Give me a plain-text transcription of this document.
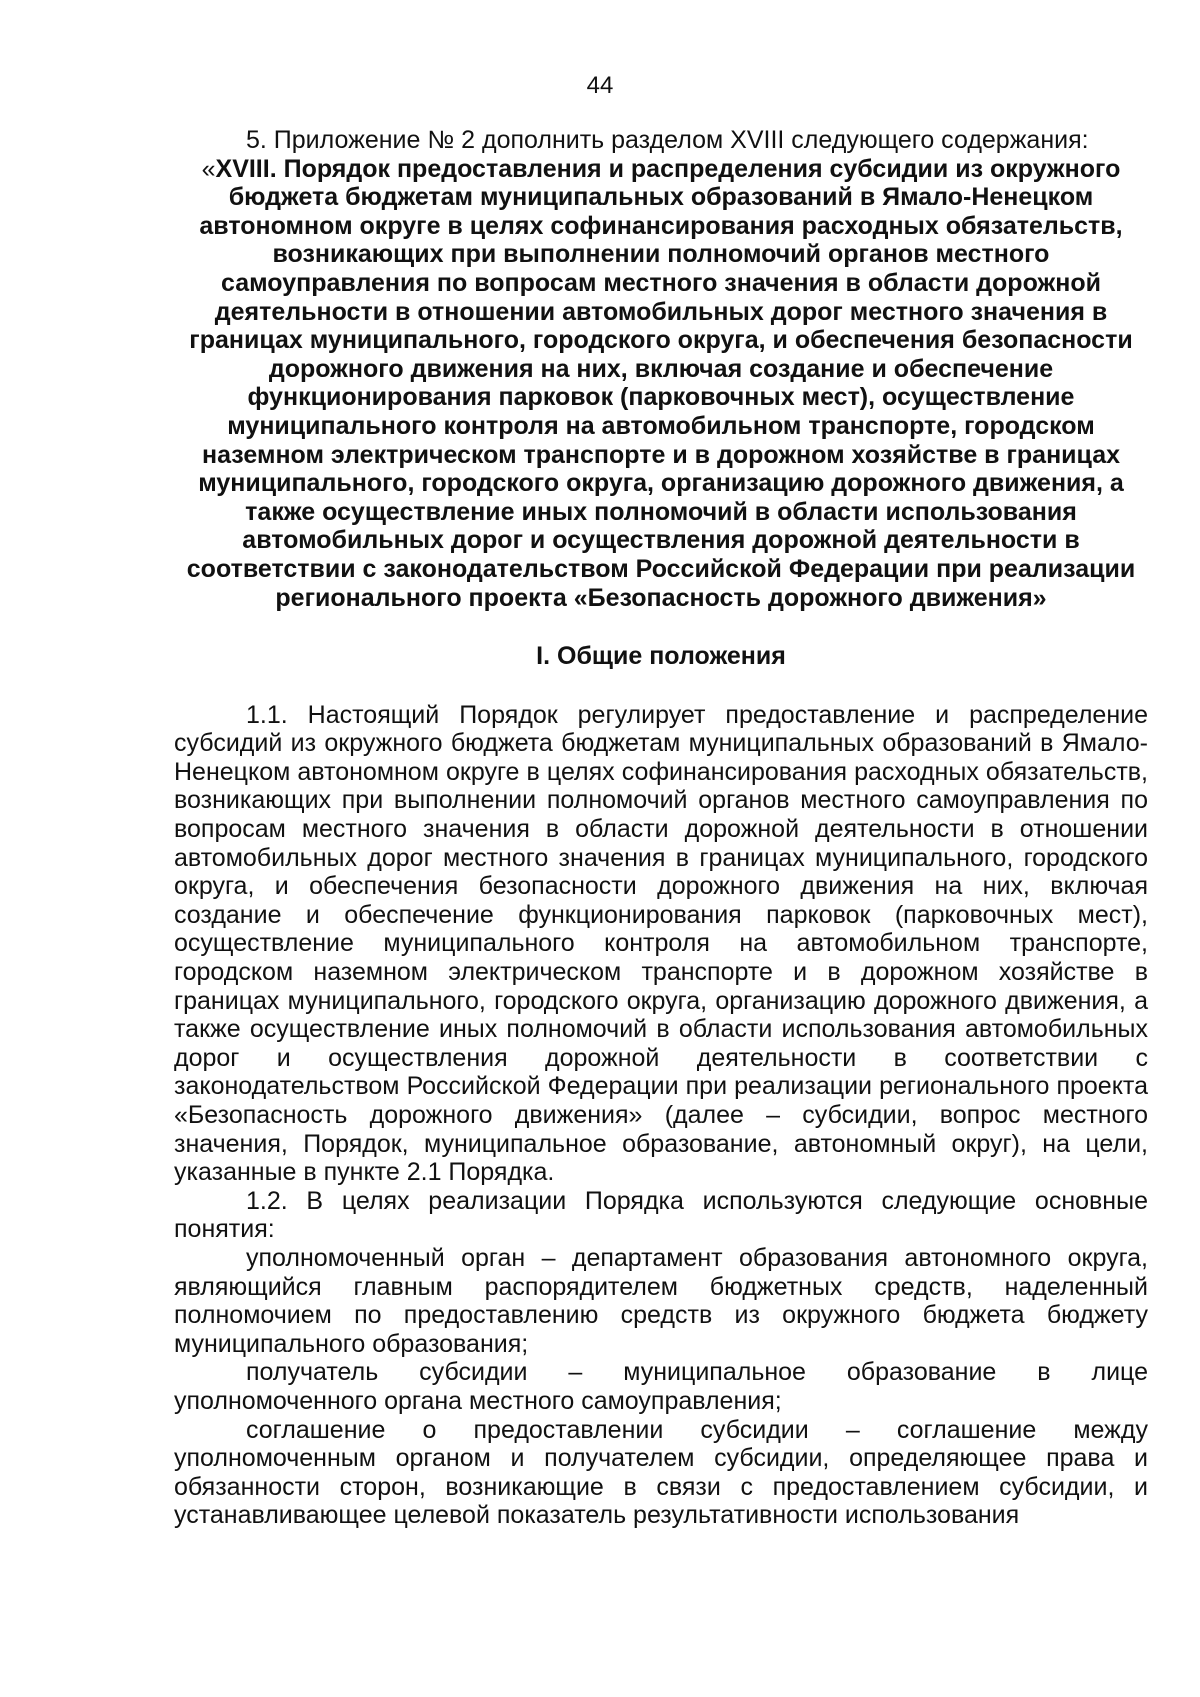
44

5. Приложение № 2 дополнить разделом XVIII следующего содержания:

«XVIII. Порядок предоставления и распределения субсидии из окружного бюджета бюджетам муниципальных образований в Ямало-Ненецком автономном округе в целях софинансирования расходных обязательств, возникающих при выполнении полномочий органов местного самоуправления по вопросам местного значения в области дорожной деятельности в отношении автомобильных дорог местного значения в границах муниципального, городского округа, и обеспечения безопасности дорожного движения на них, включая создание и обеспечение функционирования парковок (парковочных мест), осуществление муниципального контроля на автомобильном транспорте, городском наземном электрическом транспорте и в дорожном хозяйстве в границах муниципального, городского округа, организацию дорожного движения, а также осуществление иных полномочий в области использования автомобильных дорог и осуществления дорожной деятельности в соответствии с законодательством Российской Федерации при реализации регионального проекта «Безопасность дорожного движения»

I. Общие положения

1.1. Настоящий Порядок регулирует предоставление и распределение субсидий из окружного бюджета бюджетам муниципальных образований в Ямало-Ненецком автономном округе в целях софинансирования расходных обязательств, возникающих при выполнении полномочий органов местного самоуправления по вопросам местного значения в области дорожной деятельности в отношении автомобильных дорог местного значения в границах муниципального, городского округа, и обеспечения безопасности дорожного движения на них, включая создание и обеспечение функционирования парковок (парковочных мест), осуществление муниципального контроля на автомобильном транспорте, городском наземном электрическом транспорте и в дорожном хозяйстве в границах муниципального, городского округа, организацию дорожного движения, а также осуществление иных полномочий в области использования автомобильных дорог и осуществления дорожной деятельности в соответствии с законодательством Российской Федерации при реализации регионального проекта «Безопасность дорожного движения» (далее – субсидии, вопрос местного значения, Порядок, муниципальное образование, автономный округ), на цели, указанные в пункте 2.1 Порядка.

1.2. В целях реализации Порядка используются следующие основные понятия:

уполномоченный орган – департамент образования автономного округа, являющийся главным распорядителем бюджетных средств, наделенный полномочием по предоставлению средств из окружного бюджета бюджету муниципального образования;

получатель субсидии – муниципальное образование в лице уполномоченного органа местного самоуправления;

соглашение о предоставлении субсидии – соглашение между уполномоченным органом и получателем субсидии, определяющее права и обязанности сторон, возникающие в связи с предоставлением субсидии, и устанавливающее целевой показатель результативности использования
